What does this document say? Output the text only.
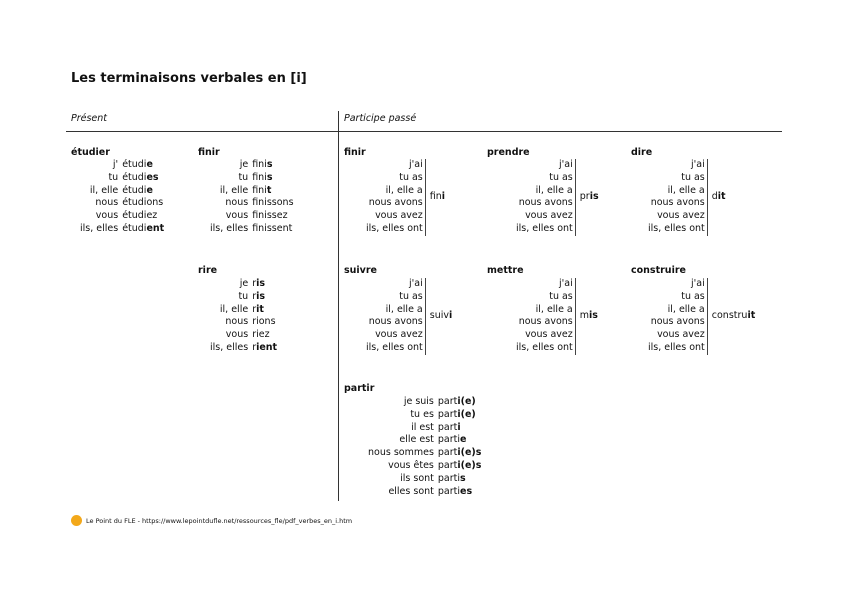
Les terminaisons verbales en [i]
Présent	Participe passé
étudier
j'	étudie
tu	étudies
il, elle	étudie
nous	étudions
vous	étudiez
ils, elles	étudient
finir
je	finis
tu	finis
il, elle	finit
nous	finissons
vous	finissez
ils, elles	finissent
rire
je	ris
tu	ris
il, elle	rit
nous	rions
vous	riez
ils, elles	rient
finir
j'ai	fini
tu as
il, elle a
nous avons
vous avez
ils, elles ont
prendre
j'ai	pris
tu as
il, elle a
nous avons
vous avez
ils, elles ont
dire
j'ai	dit
tu as
il, elle a
nous avons
vous avez
ils, elles ont
suivre
j'ai	suivi
tu as
il, elle a
nous avons
vous avez
ils, elles ont
mettre
j'ai	mis
tu as
il, elle a
nous avons
vous avez
ils, elles ont
construire
j'ai	construit
tu as
il, elle a
nous avons
vous avez
ils, elles ont
partir
je suis	parti(e)
tu es	parti(e)
il est	parti
elle est	partie
nous sommes	parti(e)s
vous êtes	parti(e)s
ils sont	partis
elles sont	parties
Le Point du FLE - https://www.lepointdufle.net/ressources_fle/pdf_verbes_en_i.htm
